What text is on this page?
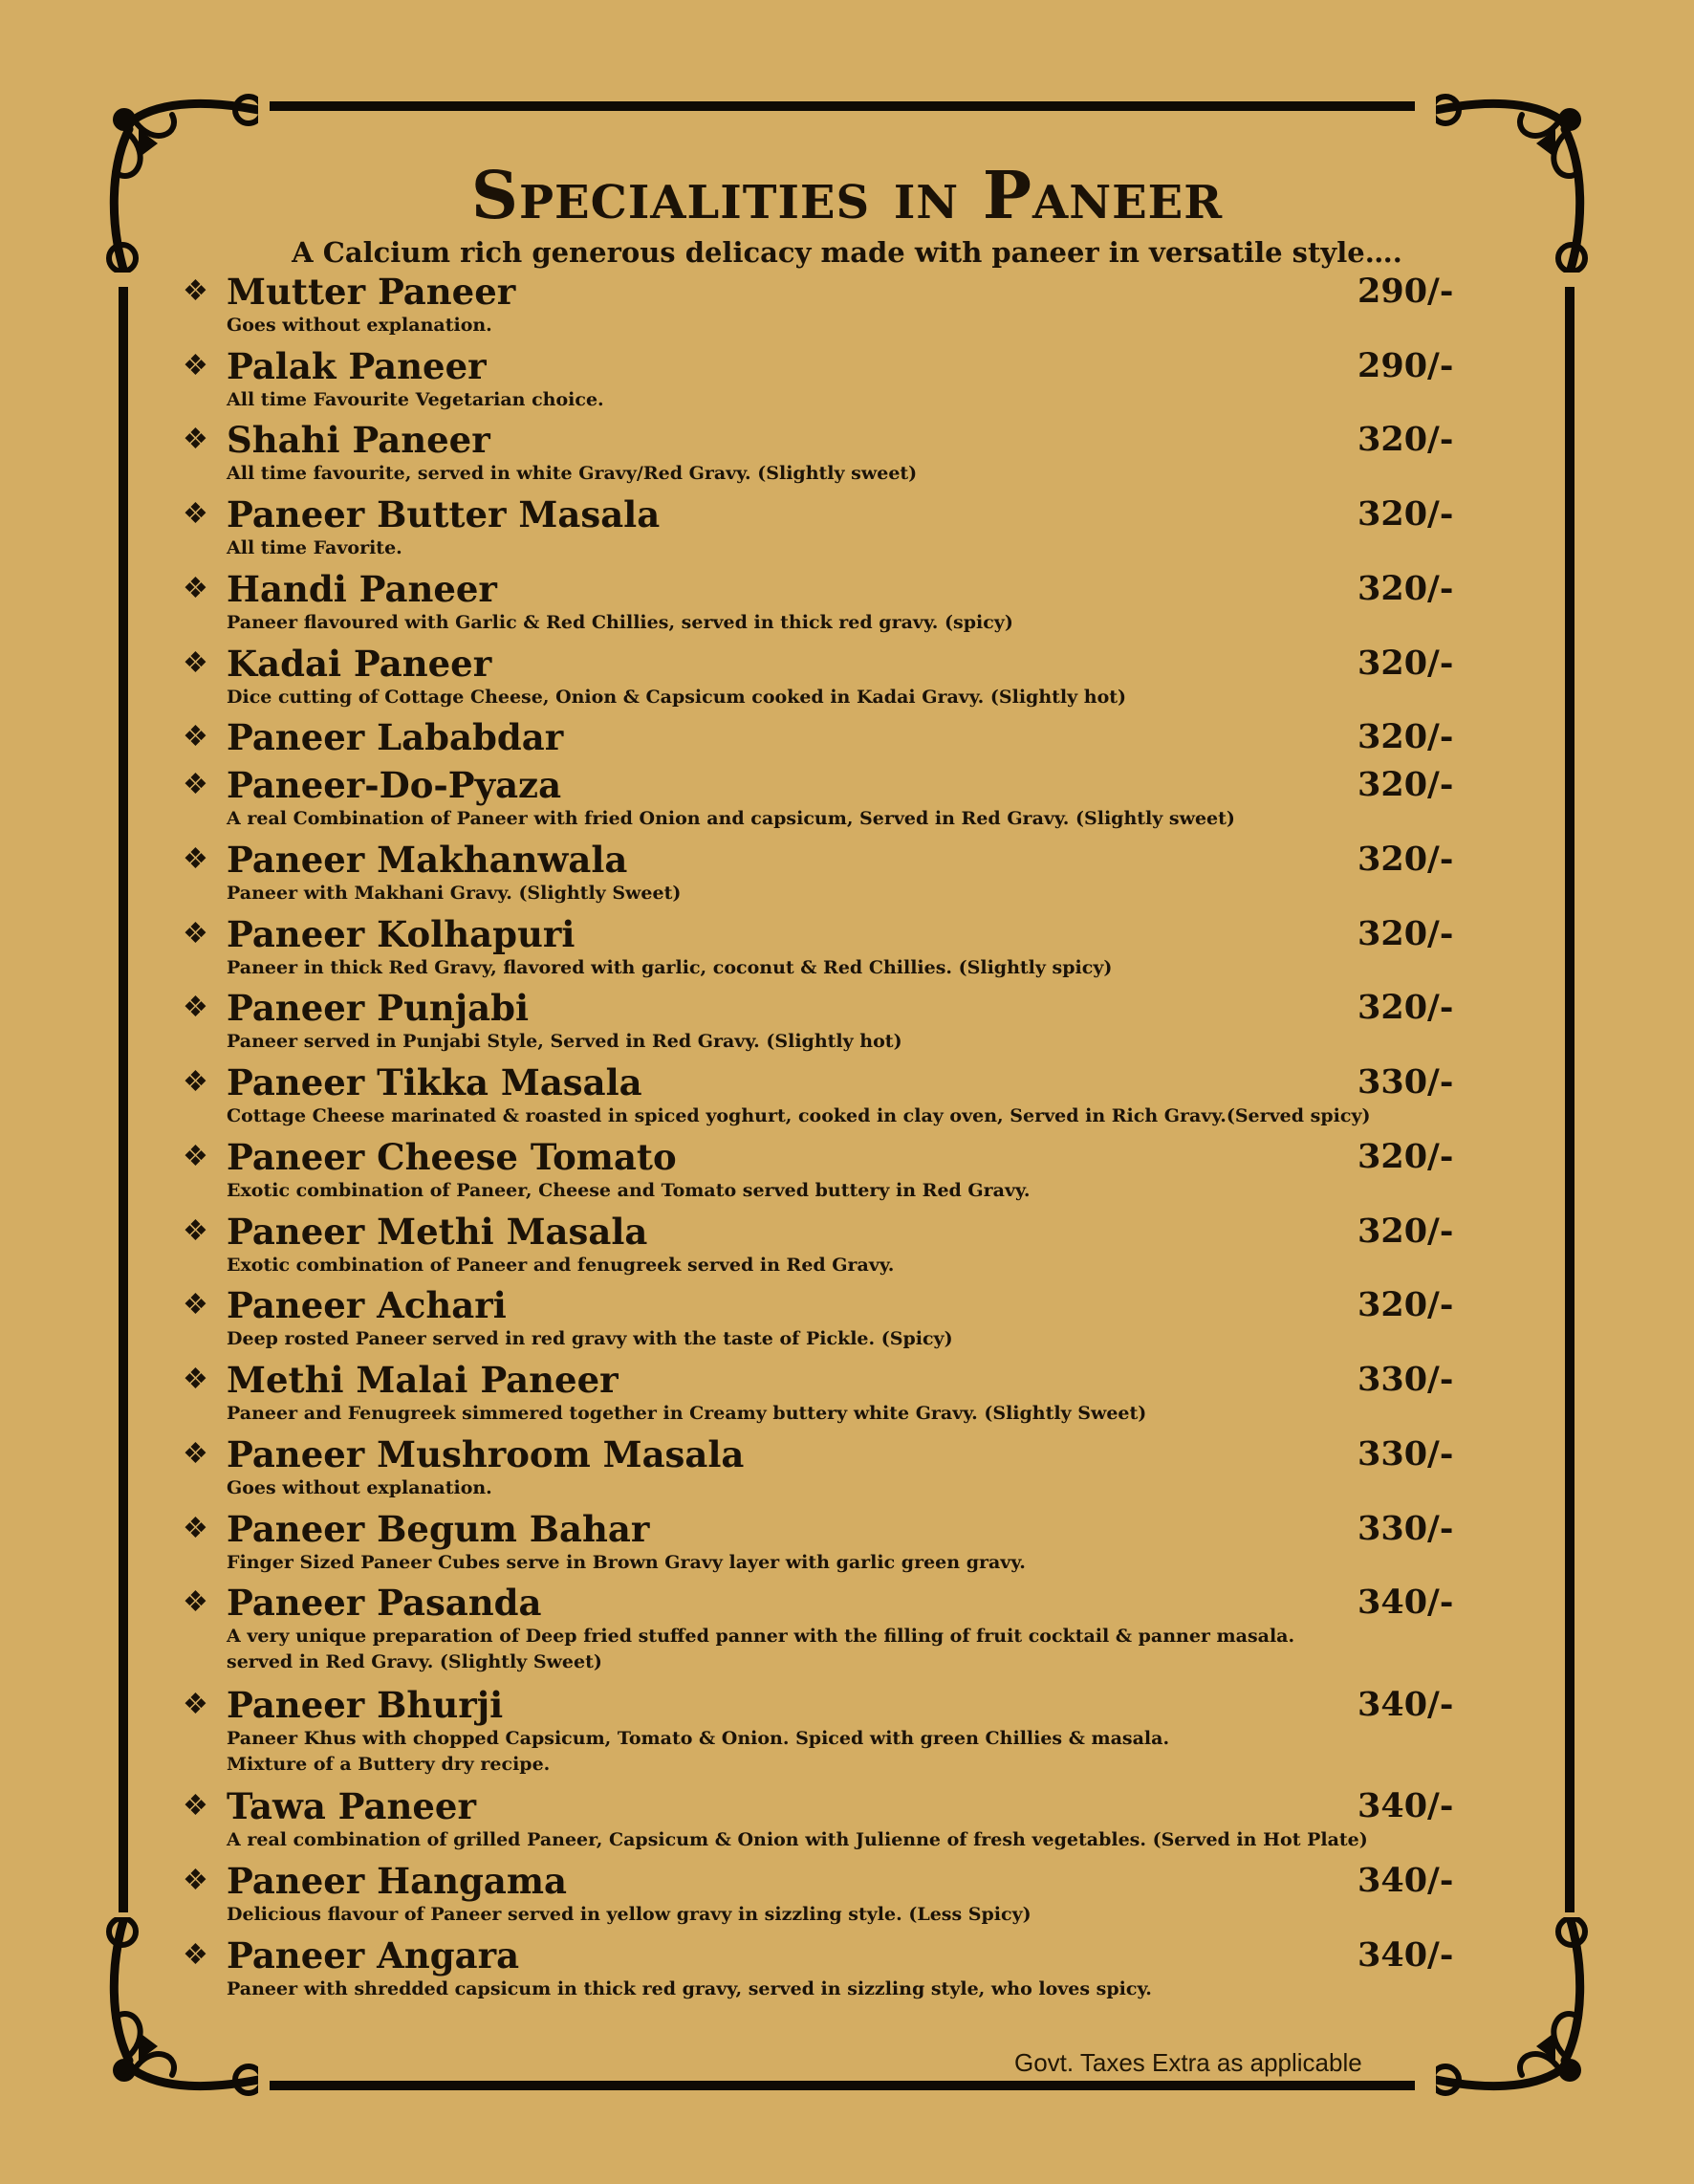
Specialities in Paneer
A Calcium rich generous delicacy made with paneer in versatile style….
❖ Mutter Paneer	290/-
Goes without explanation.
❖ Palak Paneer	290/-
All time Favourite Vegetarian choice.
❖ Shahi Paneer	320/-
All time favourite, served in white Gravy/Red Gravy. (Slightly sweet)
❖ Paneer Butter Masala	320/-
All time Favorite.
❖ Handi Paneer	320/-
Paneer flavoured with Garlic & Red Chillies, served in thick red gravy. (spicy)
❖ Kadai Paneer	320/-
Dice cutting of Cottage Cheese, Onion & Capsicum cooked in Kadai Gravy. (Slightly hot)
❖ Paneer Lababdar	320/-
❖ Paneer-Do-Pyaza	320/-
A real Combination of Paneer with fried Onion and capsicum, Served in Red Gravy. (Slightly sweet)
❖ Paneer Makhanwala	320/-
Paneer with Makhani Gravy. (Slightly Sweet)
❖ Paneer Kolhapuri	320/-
Paneer in thick Red Gravy, flavored with garlic, coconut & Red Chillies. (Slightly spicy)
❖ Paneer Punjabi	320/-
Paneer served in Punjabi Style, Served in Red Gravy. (Slightly hot)
❖ Paneer Tikka Masala	330/-
Cottage Cheese marinated & roasted in spiced yoghurt, cooked in clay oven, Served in Rich Gravy.(Served spicy)
❖ Paneer Cheese Tomato	320/-
Exotic combination of Paneer, Cheese and Tomato served buttery in Red Gravy.
❖ Paneer Methi Masala	320/-
Exotic combination of Paneer and fenugreek served in Red Gravy.
❖ Paneer Achari	320/-
Deep rosted Paneer served in red gravy with the taste of Pickle. (Spicy)
❖ Methi Malai Paneer	330/-
Paneer and Fenugreek simmered together in Creamy buttery white Gravy. (Slightly Sweet)
❖ Paneer Mushroom Masala	330/-
Goes without explanation.
❖ Paneer Begum Bahar	330/-
Finger Sized Paneer Cubes serve in Brown Gravy layer with garlic green gravy.
❖ Paneer Pasanda	340/-
A very unique preparation of Deep fried stuffed panner with the filling of fruit cocktail & panner masala.
served in Red Gravy. (Slightly Sweet)
❖ Paneer Bhurji	340/-
Paneer Khus with chopped Capsicum, Tomato & Onion. Spiced with green Chillies & masala.
Mixture of a Buttery dry recipe.
❖ Tawa Paneer	340/-
A real combination of grilled Paneer, Capsicum & Onion with Julienne of fresh vegetables. (Served in Hot Plate)
❖ Paneer Hangama	340/-
Delicious flavour of Paneer served in yellow gravy in sizzling style. (Less Spicy)
❖ Paneer Angara	340/-
Paneer with shredded capsicum in thick red gravy, served in sizzling style, who loves spicy.
Govt. Taxes Extra as applicable
